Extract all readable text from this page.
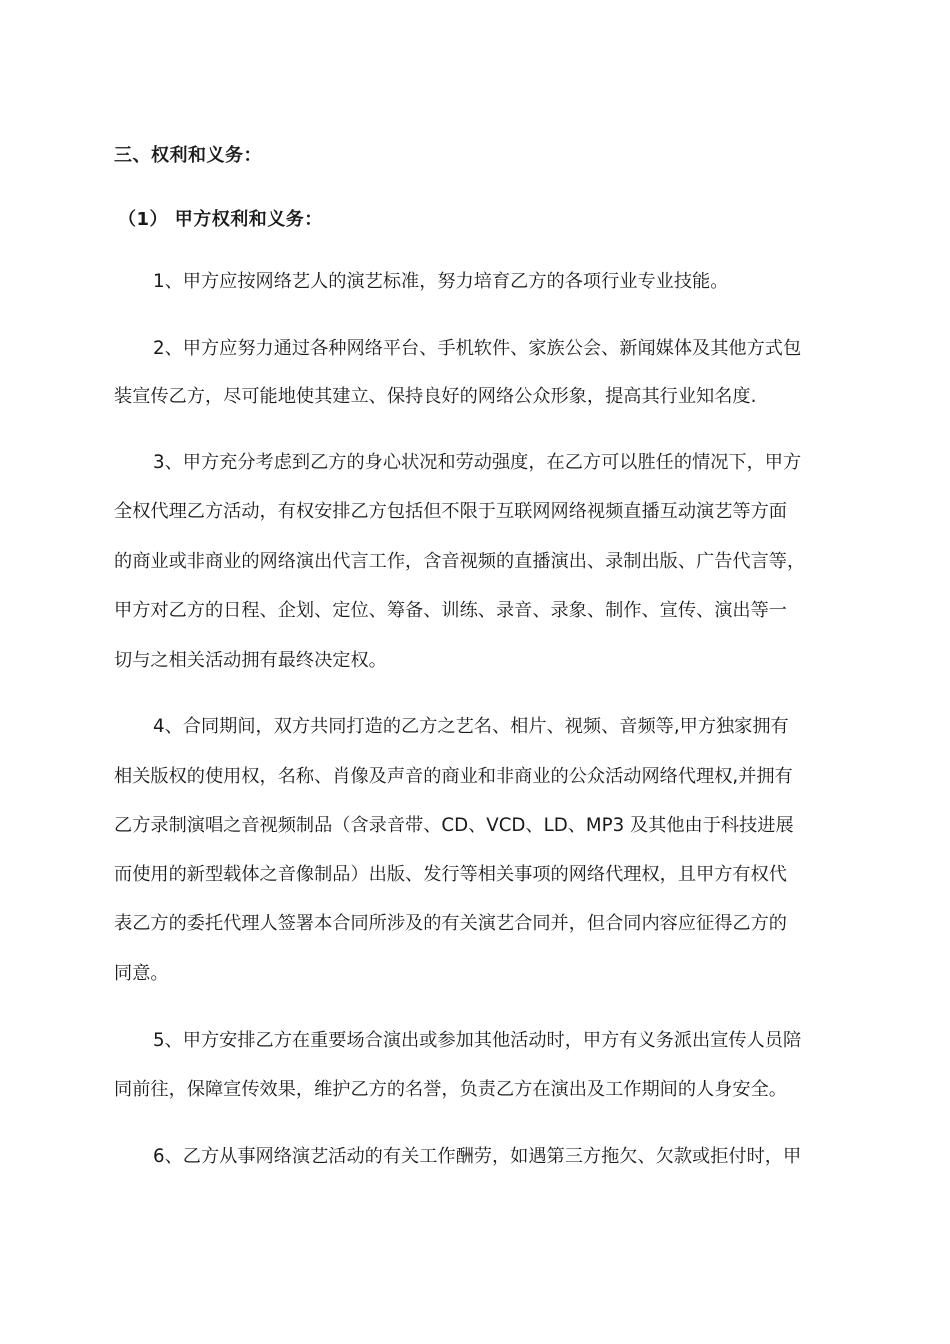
三、权利和义务：
（1） 甲方权利和义务：
1、甲方应按网络艺人的演艺标准，努力培育乙方的各项行业专业技能。
2、甲方应努力通过各种网络平台、手机软件、家族公会、新闻媒体及其他方式包
装宣传乙方，尽可能地使其建立、保持良好的网络公众形象，提高其行业知名度.
3、甲方充分考虑到乙方的身心状况和劳动强度，在乙方可以胜任的情况下，甲方
全权代理乙方活动，有权安排乙方包括但不限于互联网网络视频直播互动演艺等方面
的商业或非商业的网络演出代言工作，含音视频的直播演出、录制出版、广告代言等，
甲方对乙方的日程、企划、定位、筹备、训练、录音、录象、制作、宣传、演出等一
切与之相关活动拥有最终决定权。
4、合同期间，双方共同打造的乙方之艺名、相片、视频、音频等,甲方独家拥有
相关版权的使用权，名称、肖像及声音的商业和非商业的公众活动网络代理权,并拥有
乙方录制演唱之音视频制品（含录音带、CD、VCD、LD、MP3 及其他由于科技进展
而使用的新型载体之音像制品）出版、发行等相关事项的网络代理权，且甲方有权代
表乙方的委托代理人签署本合同所涉及的有关演艺合同并，但合同内容应征得乙方的
同意。
5、甲方安排乙方在重要场合演出或参加其他活动时，甲方有义务派出宣传人员陪
同前往，保障宣传效果，维护乙方的名誉，负责乙方在演出及工作期间的人身安全。
6、乙方从事网络演艺活动的有关工作酬劳，如遇第三方拖欠、欠款或拒付时，甲
